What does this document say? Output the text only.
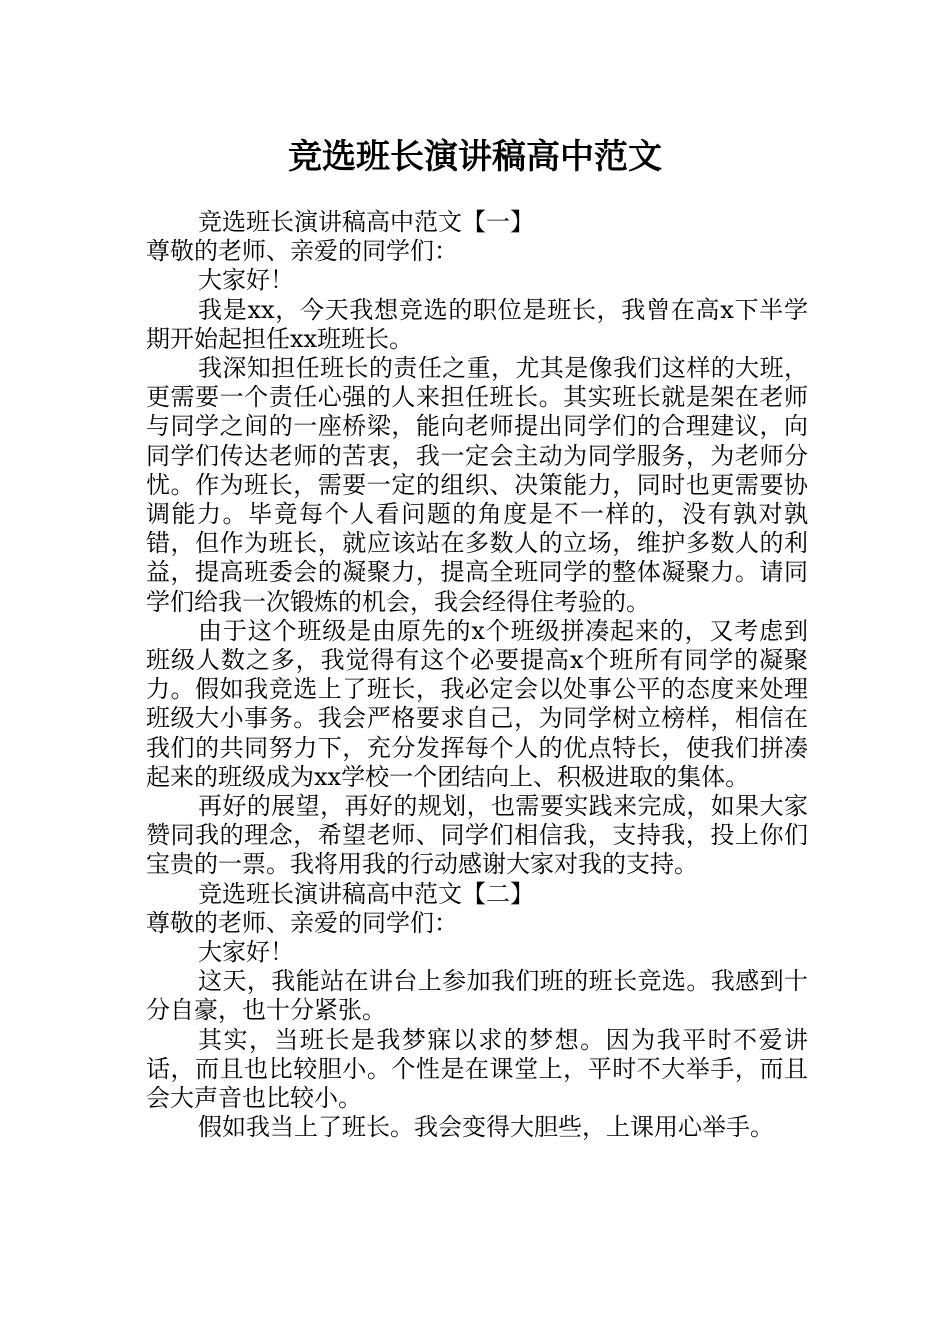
竞选班长演讲稿高中范文

竞选班长演讲稿高中范文【一】

尊敬的老师、亲爱的同学们：

大家好！

我是xx，今天我想竞选的职位是班长，我曾在高x下半学期开始起担任xx班班长。

我深知担任班长的责任之重，尤其是像我们这样的大班，更需要一个责任心强的人来担任班长。其实班长就是架在老师与同学之间的一座桥梁，能向老师提出同学们的合理建议，向同学们传达老师的苦衷，我一定会主动为同学服务，为老师分忧。作为班长，需要一定的组织、决策能力，同时也更需要协调能力。毕竟每个人看问题的角度是不一样的，没有孰对孰错，但作为班长，就应该站在多数人的立场，维护多数人的利益，提高班委会的凝聚力，提高全班同学的整体凝聚力。请同学们给我一次锻炼的机会，我会经得住考验的。

由于这个班级是由原先的x个班级拼凑起来的，又考虑到班级人数之多，我觉得有这个必要提高x个班所有同学的凝聚力。假如我竞选上了班长，我必定会以处事公平的态度来处理班级大小事务。我会严格要求自己，为同学树立榜样，相信在我们的共同努力下，充分发挥每个人的优点特长，使我们拼凑起来的班级成为xx学校一个团结向上、积极进取的集体。

再好的展望，再好的规划，也需要实践来完成，如果大家赞同我的理念，希望老师、同学们相信我，支持我，投上你们宝贵的一票。我将用我的行动感谢大家对我的支持。

竞选班长演讲稿高中范文【二】

尊敬的老师、亲爱的同学们：

大家好！

这天，我能站在讲台上参加我们班的班长竞选。我感到十分自豪，也十分紧张。

其实，当班长是我梦寐以求的梦想。因为我平时不爱讲话，而且也比较胆小。个性是在课堂上，平时不大举手，而且会大声音也比较小。

假如我当上了班长。我会变得大胆些，上课用心举手。
